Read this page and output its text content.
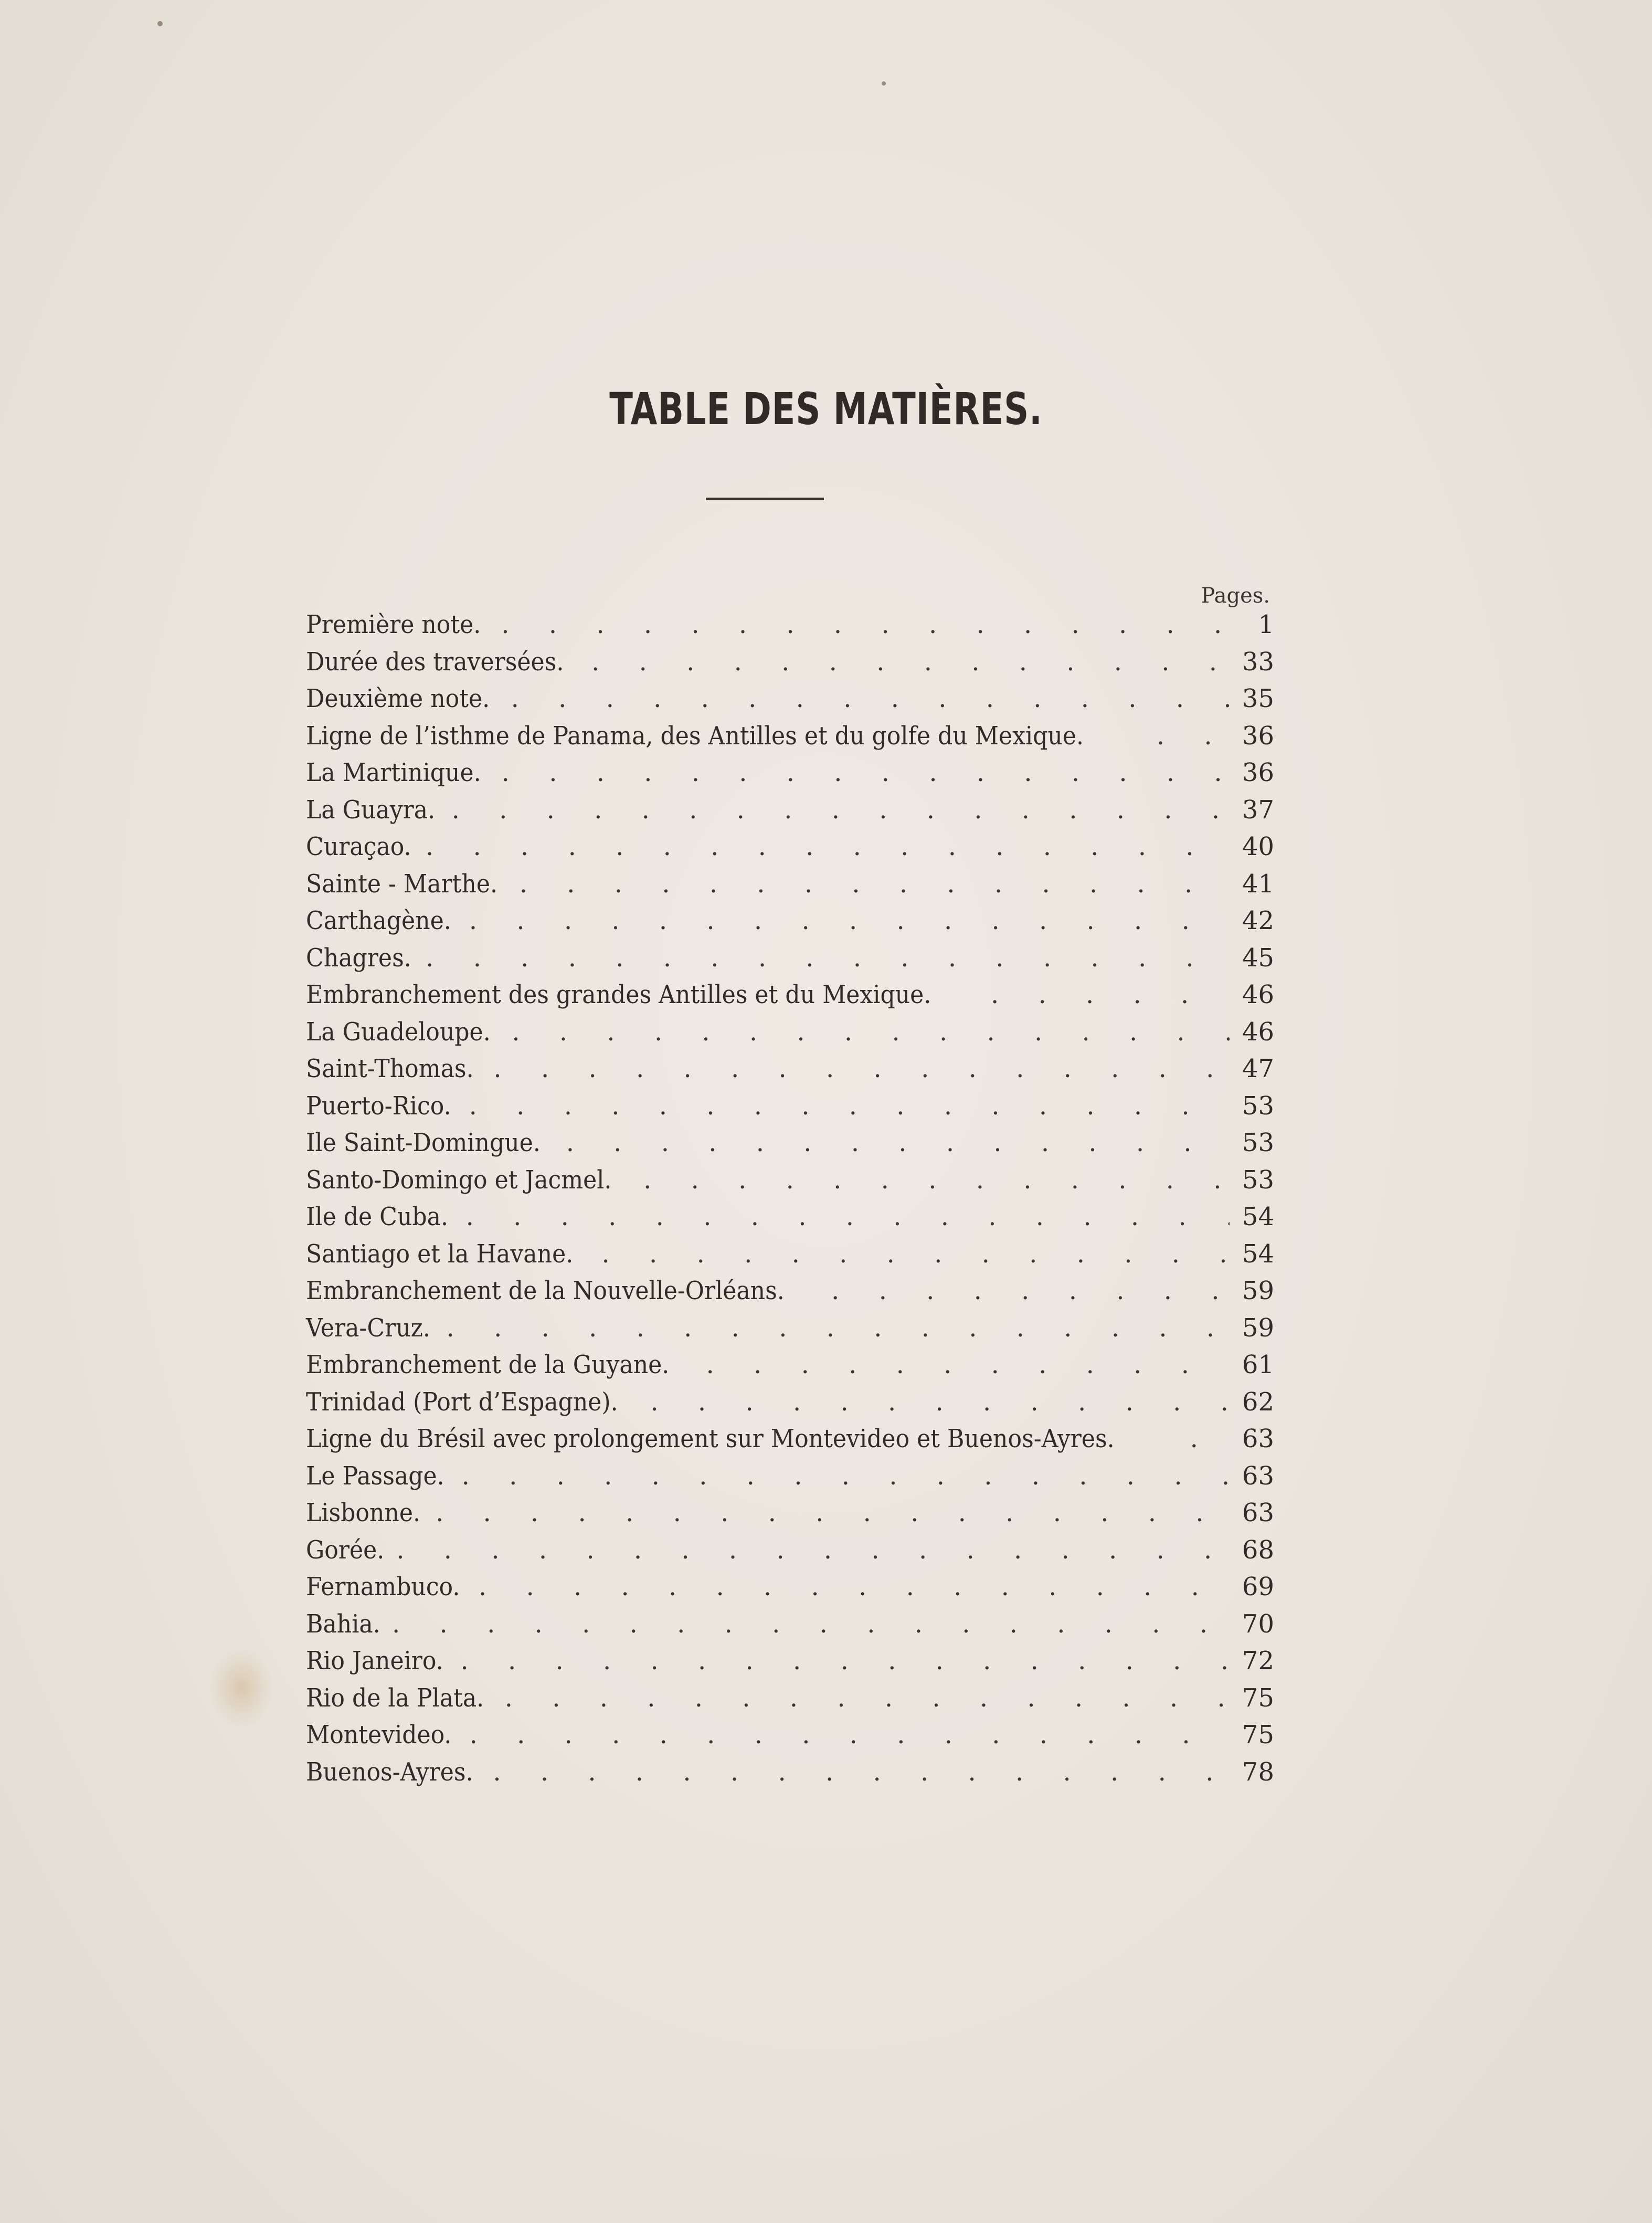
TABLE DES MATIÈRES.
Pages.
Première note. . . .	1
Durée des traversées. . . .	33
Deuxième note. . . .	35
Ligne de l’isthme de Panama, des Antilles et du golfe du Mexique. . . .	36
La Martinique. . . .	36
La Guayra. . . .	37
Curaçao. . . .	40
Sainte - Marthe. . . .	41
Carthagène. . . .	42
Chagres. . . .	45
Embranchement des grandes Antilles et du Mexique. . . .	46
La Guadeloupe. . . .	46
Saint-Thomas. . . .	47
Puerto-Rico. . . .	53
Ile Saint-Domingue. . . .	53
Santo-Domingo et Jacmel. . . .	53
Ile de Cuba. . . .	54
Santiago et la Havane. . . .	54
Embranchement de la Nouvelle-Orléans. . . .	59
Vera-Cruz. . . .	59
Embranchement de la Guyane. . . .	61
Trinidad (Port d’Espagne). . . .	62
Ligne du Brésil avec prolongement sur Montevideo et Buenos-Ayres. . . .	63
Le Passage. . . .	63
Lisbonne. . . .	63
Gorée. . . .	68
Fernambuco. . . .	69
Bahia. . . .	70
Rio Janeiro. . . .	72
Rio de la Plata. . . .	75
Montevideo. . . .	75
Buenos-Ayres. . . .	78
